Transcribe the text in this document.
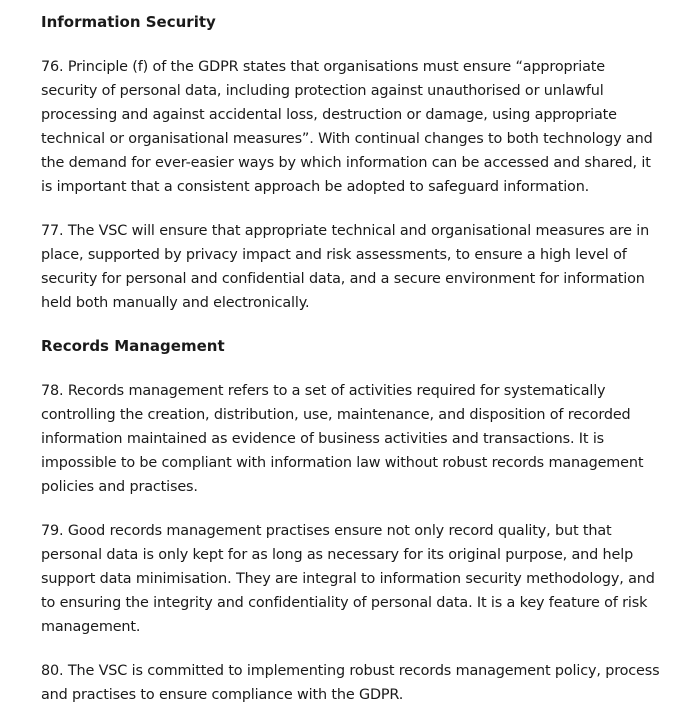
Information Security

76. Principle (f) of the GDPR states that organisations must ensure “appropriate security of personal data, including protection against unauthorised or unlawful processing and against accidental loss, destruction or damage, using appropriate technical or organisational measures”. With continual changes to both technology and the demand for ever-easier ways by which information can be accessed and shared, it is important that a consistent approach be adopted to safeguard information.

77. The VSC will ensure that appropriate technical and organisational measures are in place, supported by privacy impact and risk assessments, to ensure a high level of security for personal and confidential data, and a secure environment for information held both manually and electronically.

Records Management

78. Records management refers to a set of activities required for systematically controlling the creation, distribution, use, maintenance, and disposition of recorded information maintained as evidence of business activities and transactions. It is impossible to be compliant with information law without robust records management policies and practises.

79. Good records management practises ensure not only record quality, but that personal data is only kept for as long as necessary for its original purpose, and help support data minimisation. They are integral to information security methodology, and to ensuring the integrity and confidentiality of personal data. It is a key feature of risk management.

80. The VSC is committed to implementing robust records management policy, process and practises to ensure compliance with the GDPR.
